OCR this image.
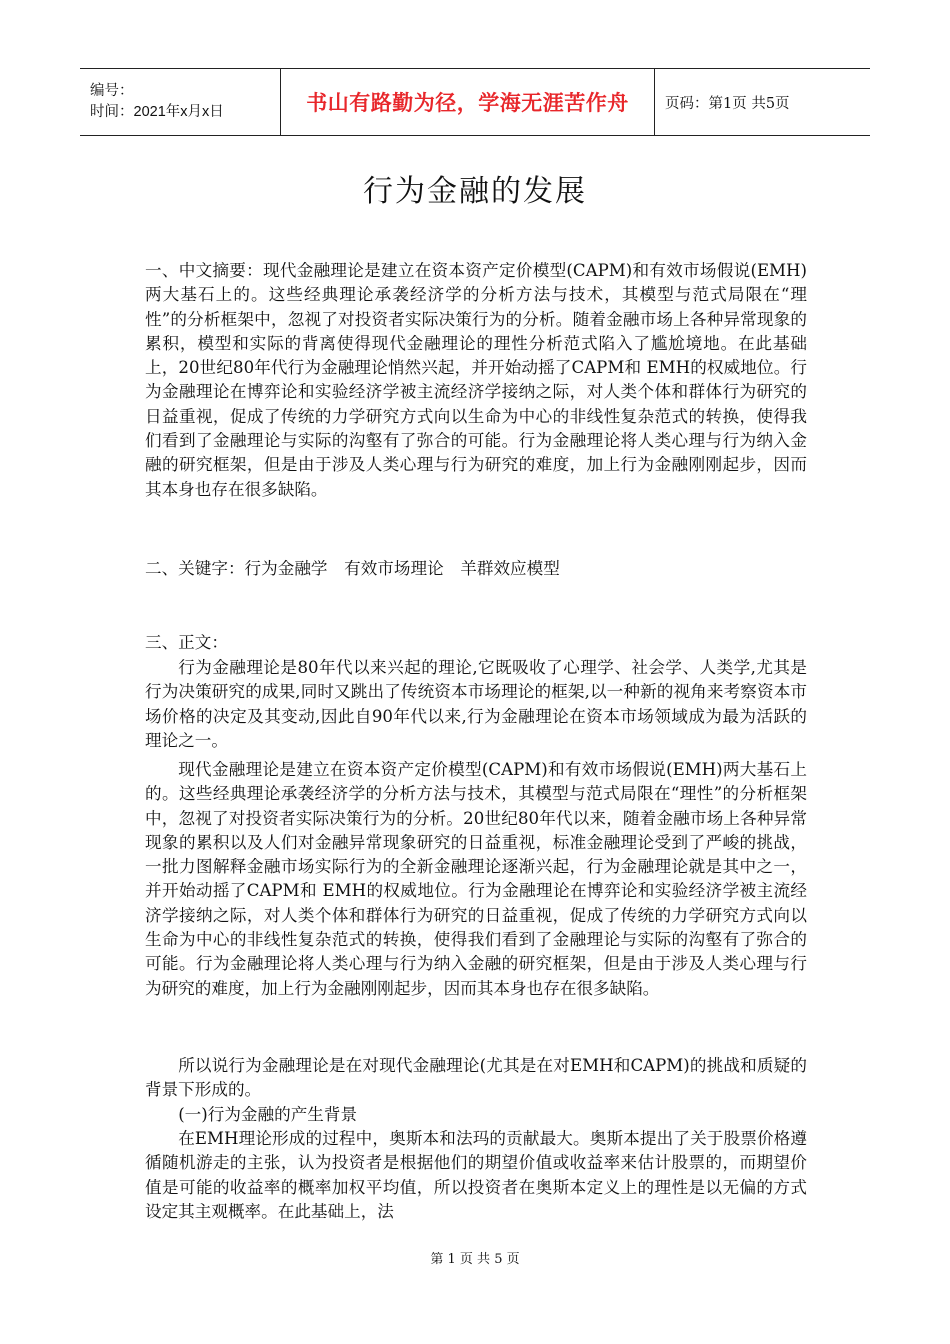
编号：
时间：2021年x月x日	书山有路勤为径，学海无涯苦作舟	页码：第1页 共5页
行为金融的发展

一、中文摘要：现代金融理论是建立在资本资产定价模型(CAPM)和有效市场假说(EMH)两大基石上的。这些经典理论承袭经济学的分析方法与技术，其模型与范式局限在“理性”的分析框架中，忽视了对投资者实际决策行为的分析。随着金融市场上各种异常现象的累积，模型和实际的背离使得现代金融理论的理性分析范式陷入了尴尬境地。在此基础上，20世纪80年代行为金融理论悄然兴起，并开始动摇了CAPM和 EMH的权威地位。行为金融理论在博弈论和实验经济学被主流经济学接纳之际，对人类个体和群体行为研究的日益重视，促成了传统的力学研究方式向以生命为中心的非线性复杂范式的转换，使得我们看到了金融理论与实际的沟壑有了弥合的可能。行为金融理论将人类心理与行为纳入金融的研究框架，但是由于涉及人类心理与行为研究的难度，加上行为金融刚刚起步，因而其本身也存在很多缺陷。

二、关键字：行为金融学　有效市场理论　羊群效应模型

三、正文：

行为金融理论是80年代以来兴起的理论,它既吸收了心理学、社会学、人类学,尤其是行为决策研究的成果,同时又跳出了传统资本市场理论的框架,以一种新的视角来考察资本市场价格的决定及其变动,因此自90年代以来,行为金融理论在资本市场领域成为最为活跃的理论之一。

现代金融理论是建立在资本资产定价模型(CAPM)和有效市场假说(EMH)两大基石上的。这些经典理论承袭经济学的分析方法与技术，其模型与范式局限在“理性”的分析框架中，忽视了对投资者实际决策行为的分析。20世纪80年代以来，随着金融市场上各种异常现象的累积以及人们对金融异常现象研究的日益重视，标准金融理论受到了严峻的挑战，一批力图解释金融市场实际行为的全新金融理论逐渐兴起，行为金融理论就是其中之一，并开始动摇了CAPM和 EMH的权威地位。行为金融理论在博弈论和实验经济学被主流经济学接纳之际，对人类个体和群体行为研究的日益重视，促成了传统的力学研究方式向以生命为中心的非线性复杂范式的转换，使得我们看到了金融理论与实际的沟壑有了弥合的可能。行为金融理论将人类心理与行为纳入金融的研究框架，但是由于涉及人类心理与行为研究的难度，加上行为金融刚刚起步，因而其本身也存在很多缺陷。

所以说行为金融理论是在对现代金融理论(尤其是在对EMH和CAPM)的挑战和质疑的背景下形成的。

(一)行为金融的产生背景

在EMH理论形成的过程中，奥斯本和法玛的贡献最大。奥斯本提出了关于股票价格遵循随机游走的主张，认为投资者是根据他们的期望价值或收益率来估计股票的，而期望价值是可能的收益率的概率加权平均值，所以投资者在奥斯本定义上的理性是以无偏的方式设定其主观概率。在此基础上，法

第 1 页 共 5 页
